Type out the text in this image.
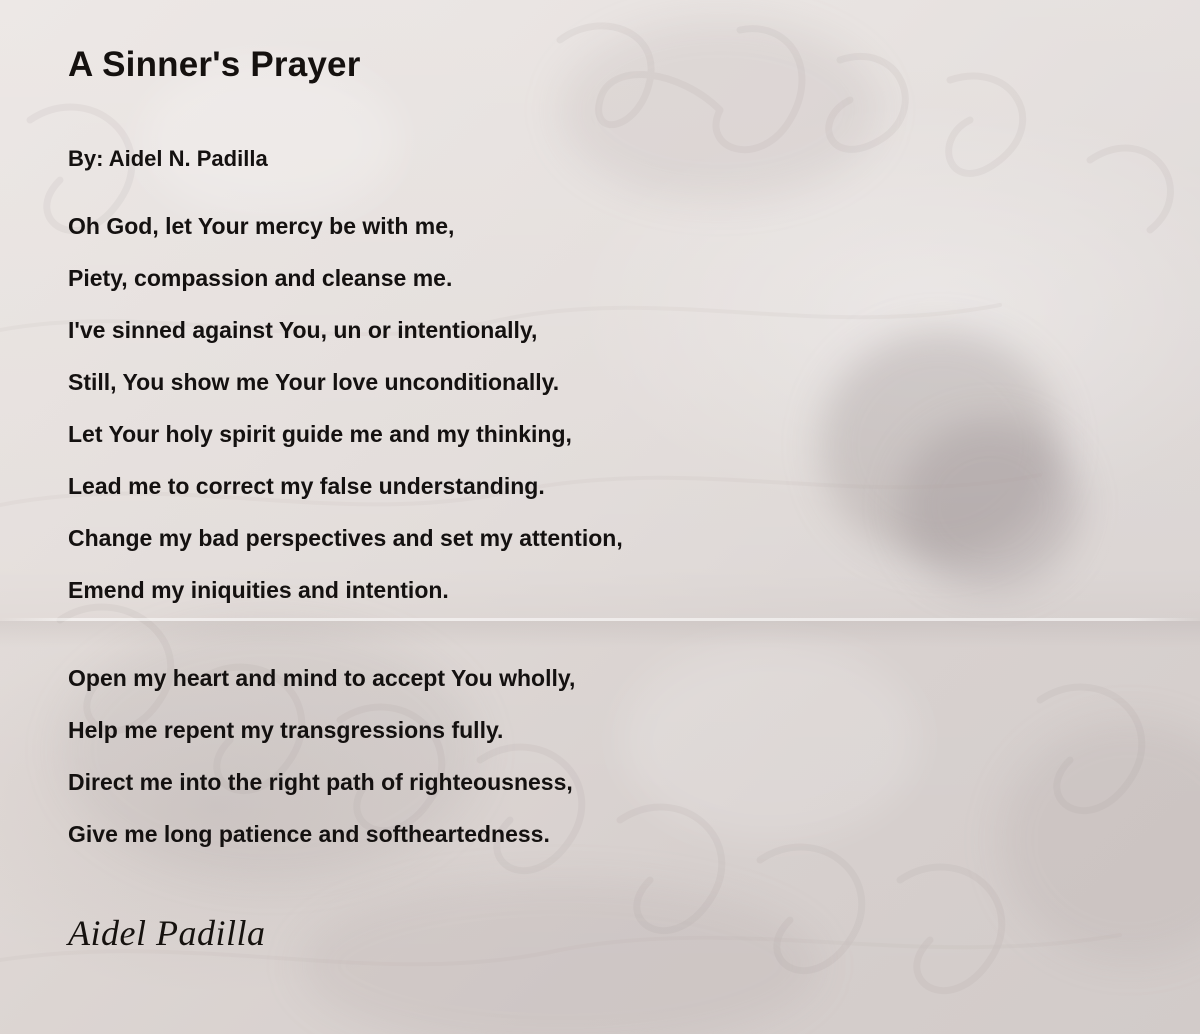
A Sinner's Prayer
By: Aidel N. Padilla
Oh God, let Your mercy be with me,
Piety, compassion and cleanse me.
I've sinned against You, un or intentionally,
Still, You show me Your love unconditionally.
Let Your holy spirit guide me and my thinking,
Lead me to correct my false understanding.
Change my bad perspectives and set my attention,
Emend my iniquities and intention.
Open my heart and mind to accept You wholly,
Help me repent my transgressions fully.
Direct me into the right path of righteousness,
Give me long patience and softheartedness.
Aidel Padilla
